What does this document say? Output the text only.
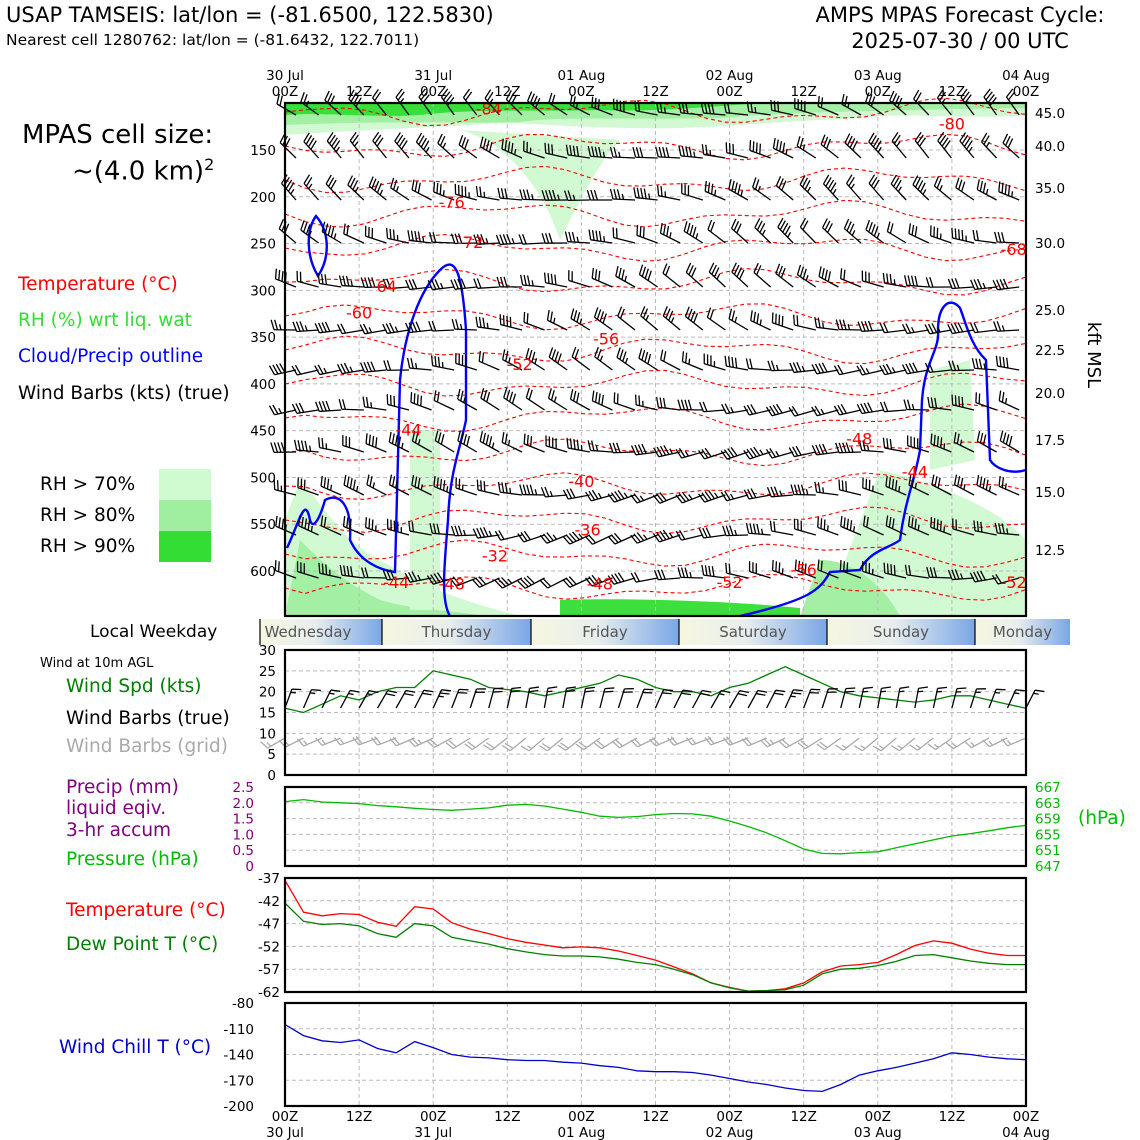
USAP TAMSEIS: lat/lon = (-81.6500, 122.5830)
Nearest cell 1280762: lat/lon = (-81.6432, 122.7011)
AMPS MPAS Forecast Cycle:
2025-07-30 / 00 UTC
MPAS cell size:
~(4.0 km)$^2$
Temperature (°C)
RH (%) wrt liq. wat
Cloud/Precip outline
Wind Barbs (kts) (true)
RH > 70%
RH > 80%
RH > 90%
Local Weekday
Wind at 10m AGL
Wind Spd (kts)
Wind Barbs (true)
Wind Barbs (grid)
Precip (mm)
liquid eqiv.
3-hr accum
Pressure (hPa)
(hPa)
Temperature (°C)
Dew Point T (°C)
Wind Chill T (°C)
-84
-80
-76
-72	-68
-64
-60
-56
-52
-48
-44
-44
-40
-36
-32
-44 -48	-48	-52
-56
-52
150
200
250
300
350
400
450
500
550
600
45.0
40.0
35.0
30.0
25.0
22.5
20.0
17.5
15.0
12.5
kft MSL
Wednesday	Thursday	Friday	Saturday	Sunday	Monday
0
5
10
15
20
25
30
0
0.5
1.0
1.5
2.0
2.5
647
651
655
659
663
667
-62
-57
-52
-47
-42
-37
-200
-170
-140
-110
-80
00Z
00Z
12Z
12Z
00Z
00Z
12Z
12Z
00Z
00Z
12Z
12Z
00Z
00Z
12Z
12Z
00Z
00Z
12Z
12Z
00Z
00Z
30 Jul
30 Jul
31 Jul
31 Jul
01 Aug
01 Aug
02 Aug
02 Aug
03 Aug
03 Aug
04 Aug
04 Aug
